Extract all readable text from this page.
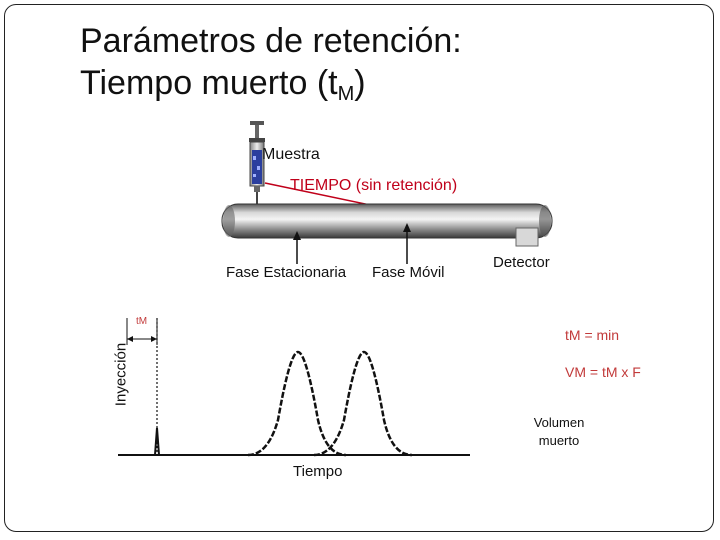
Parámetros de retención:
Tiempo muerto $(t_M)$
Muestra
TIEMPO (sin retención)
Fase Estacionaria Fase Móvil
Detector
Inyección
Tiempo
tM
tM = min
VM = tM x F
Volumen muerto
